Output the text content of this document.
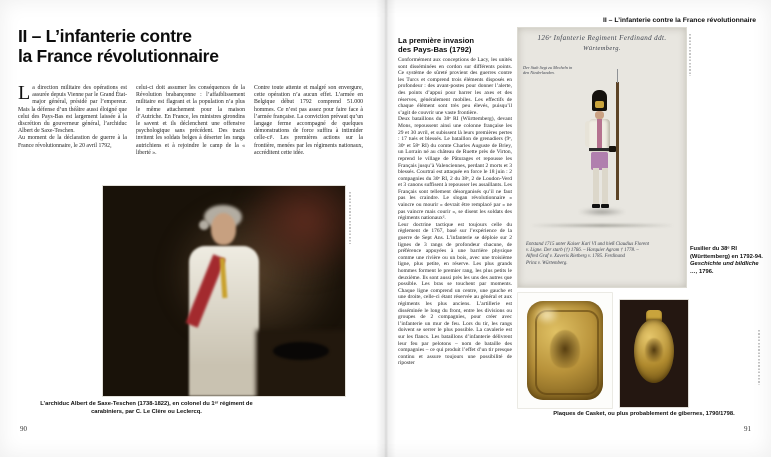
II – L’infanterie contre
la France révolutionnaire

La direction militaire des opérations est assurée depuis Vienne par le Grand État-major général, présidé par l’empereur. Mais la défense d’un théâtre aussi éloigné que celui des Pays-Bas est largement laissée à la discrétion du gouverneur général, l’archiduc Albert de Saxe-Teschen.

Au moment de la déclaration de guerre à la France révolutionnaire, le 20 avril 1792,

celui-ci doit assumer les conséquences de la Révolution brabançonne : l’affaiblissement militaire est flagrant et la population n’a plus le même attachement pour la maison d’Autriche. En France, les ministres girondins le savent et ils déclenchent une offensive psychologique sans précédent. Des tracts invitent les soldats belges à déserter les rangs autrichiens et à rejoindre le camp de la « liberté ».

Contre toute attente et malgré son envergure, cette opération n’a aucun effet. L’armée en Belgique début 1792 comprend 51.000 hommes. Ce n’est pas assez pour faire face à l’armée française. La conviction prévaut qu’un langage ferme accompagné de quelques démonstrations de force suffira à intimider celle-ci¹. Les premières actions sur la frontière, menées par les régiments nationaux, accréditent cette idée.

L’archiduc Albert de Saxe-Teschen (1738-1822), en colonel du 1ᵉʳ régiment de carabiniers, par C. Le Clère ou Leclercq.

90
II – L’infanterie contre la France révolutionnaire
La première invasion
des Pays-Bas (1792)

Conformément aux conceptions de Lacy, les unités sont disséminées en cordon sur différents points. Ce système de sûreté provient des guerres contre les Turcs et comprend trois éléments disposés en profondeur : des avant-postes pour donner l’alerte, des points d’appui pour barrer les axes et des réserves, généralement mobiles. Les effectifs de chaque élément sont très peu élevés, puisqu’il s’agit de couvrir une vaste frontière.

Deux bataillons du 38ᵉ RI (Württemberg), devant Mons, repoussent ainsi une colonne française les 29 et 30 avril, et subissent là leurs premières pertes : 17 tués et blessés. Le bataillon de grenadiers (9ᵉ, 30ᵉ et 58ᵉ RI) du comte Charles Auguste de Briey, un Lorrain né au château de Ruette près de Virton, reprend le village de Pâturages et repousse les Français jusqu’à Valenciennes, perdant 2 morts et 3 blessés. Courtrai est attaquée en force le 18 juin : 2 compagnies du 30ᵉ RI, 2 du 38ᵉ, 2 de Loudon-Verd et 3 canons suffisent à repousser les assaillants. Les Français sont tellement désorganisés qu’il ne faut pas les craindre. Le slogan révolutionnaire « vaincre ou mourir » devrait être remplacé par « ne pas vaincre mais courir », se disent les soldats des régiments nationaux².

Leur doctrine tactique est toujours celle du règlement de 1767, basé sur l’expérience de la guerre de Sept Ans. L’infanterie se déploie sur 2 lignes de 3 rangs de profondeur chacune, de préférence appuyées à une barrière physique comme une rivière ou un bois, avec une troisième ligne, plus petite, en réserve. Les plus grands hommes forment le premier rang, les plus petits le deuxième. Ils sont aussi près les uns des autres que possible. Les bras se touchent par moments. Chaque ligne comprend un centre, une gauche et une droite, celle-ci étant réservée au général et aux régiments les plus anciens. L’artillerie est disséminée le long du front, entre les divisions ou groupes de 2 compagnies, pour créer avec l’infanterie un mur de feu. Lors du tir, les rangs doivent se serrer le plus possible. La cavalerie est sur les flancs. Les bataillons d’infanterie délivrent leur feu par pelotons – nom de bataille des compagnies – ce qui produit l’effet d’un tir presque continu et assure toujours une possibilité de riposter

126ᵉ Infanterie Regiment Ferdinand ddt.
Würtemberg.
Der Stab liegt zu Mecheln in den Niederlanden.
Entstand 1715 unter Kaiser Karl VI und hieß Claudius Florent
v. Ligne. Der starb (†) 1766. – Harquier Agram † 1778. –
Alfred Graf v. Xaveris Rietberg v. 1785. Ferdinand
Prinz v. Würtemberg.

Fusilier du 38ᵉ RI (Württemberg) en 1792-94. Geschichte und bildliche …, 1796.

Plaques de Casket, ou plus probablement de gibernes, 1790/1798.

91
